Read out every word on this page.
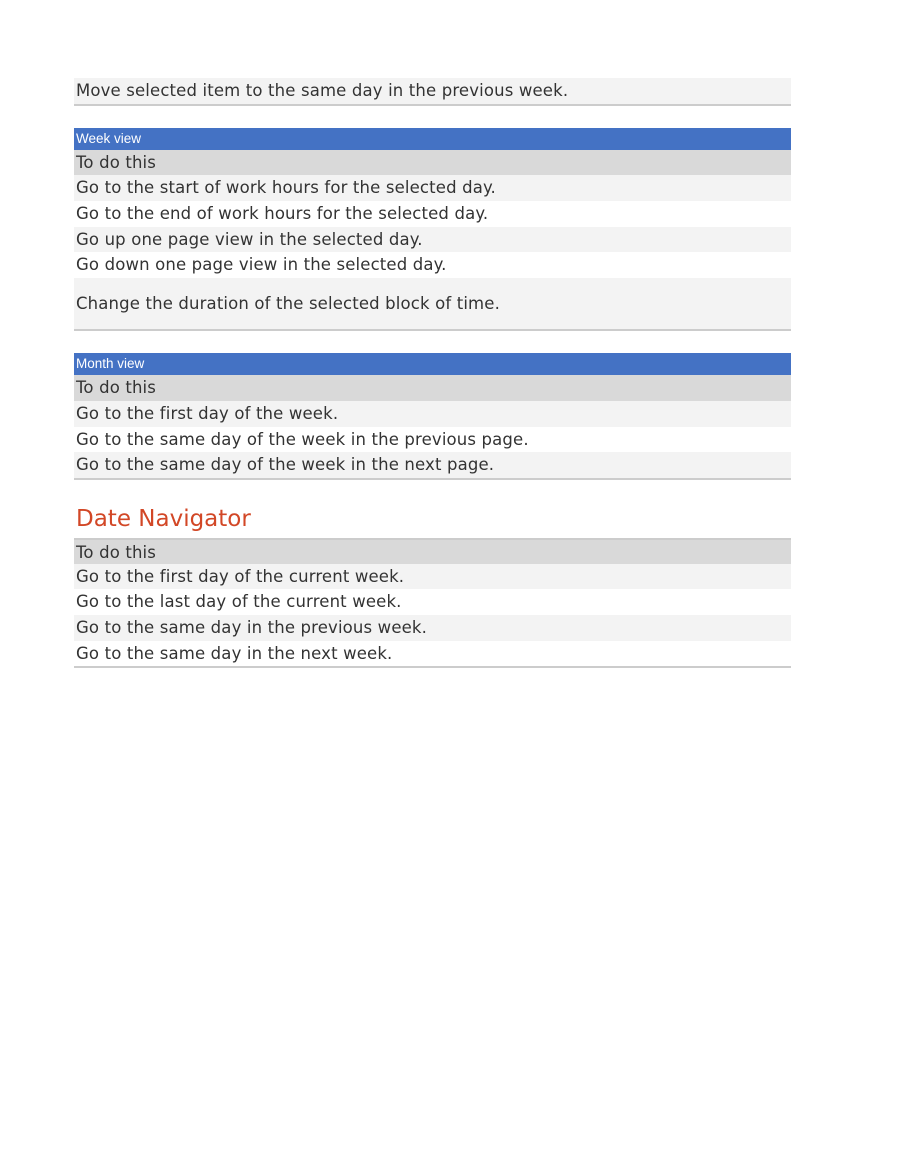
Move selected item to the same day in the previous week.
Week view
To do this
Go to the start of work hours for the selected day.
Go to the end of work hours for the selected day.
Go up one page view in the selected day.
Go down one page view in the selected day.
Change the duration of the selected block of time.
Month view
To do this
Go to the first day of the week.
Go to the same day of the week in the previous page.
Go to the same day of the week in the next page.
Date Navigator
To do this
Go to the first day of the current week.
Go to the last day of the current week.
Go to the same day in the previous week.
Go to the same day in the next week.
